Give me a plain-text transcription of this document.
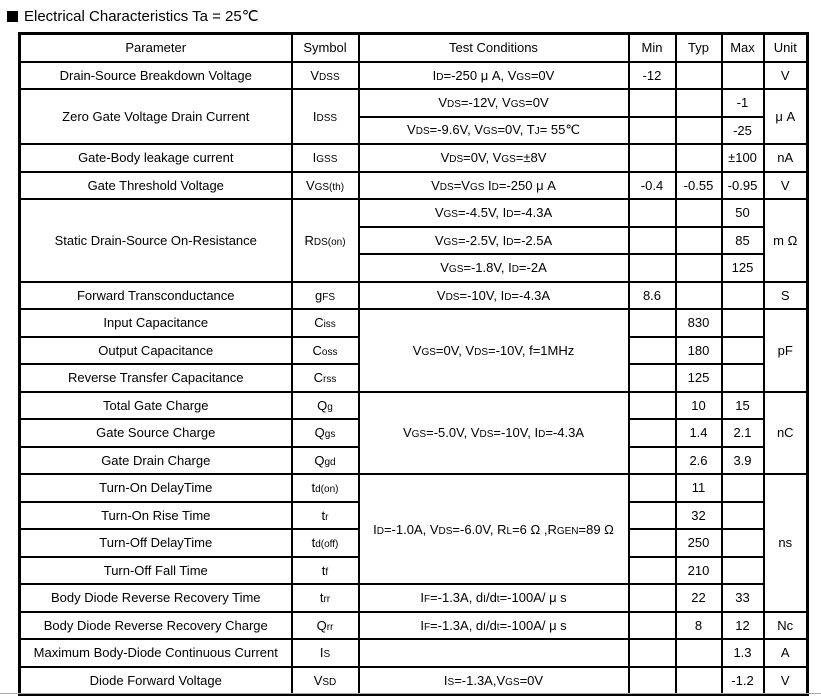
Electrical Characteristics Ta = 25℃
Parameter	Symbol	Test Conditions	Min	Typ	Max	Unit
Drain-Source Breakdown Voltage	VDSS	ID=-250 μ A, VGS=0V	-12			V
Zero Gate Voltage Drain Current	IDSS	VDS=-12V, VGS=0V			-1	μ A
		VDS=-9.6V, VGS=0V, TJ= 55℃			-25	
Gate-Body leakage current	IGSS	VDS=0V, VGS=±8V			±100	nA
Gate Threshold Voltage	VGS(th)	VDS=VGS ID=-250 μ A	-0.4	-0.55	-0.95	V
Static Drain-Source On-Resistance	RDS(on)	VGS=-4.5V, ID=-4.3A			50	m Ω
		VGS=-2.5V, ID=-2.5A			85	
		VGS=-1.8V, ID=-2A			125	
Forward Transconductance	gFS	VDS=-10V, ID=-4.3A	8.6			S
Input Capacitance	Ciss	VGS=0V, VDS=-10V, f=1MHz		830		pF
Output Capacitance	Coss			180		
Reverse Transfer Capacitance	Crss			125		
Total Gate Charge	Qg	VGS=-5.0V, VDS=-10V, ID=-4.3A		10	15	nC
Gate Source Charge	Qgs			1.4	2.1	
Gate Drain Charge	Qgd			2.6	3.9	
Turn-On DelayTime	td(on)	ID=-1.0A, VDS=-6.0V, RL=6 Ω ,RGEN=89 Ω		11		ns
Turn-On Rise Time	tr			32		
Turn-Off DelayTime	td(off)			250		
Turn-Off Fall Time	tf			210		
Body Diode Reverse Recovery Time	trr	IF=-1.3A, dI/dt=-100A/ μ s		22	33	
Body Diode Reverse Recovery Charge	Qrr	IF=-1.3A, dI/dt=-100A/ μ s		8	12	Nc
Maximum Body-Diode Continuous Current	IS				1.3	A
Diode Forward Voltage	VSD	IS=-1.3A,VGS=0V			-1.2	V
